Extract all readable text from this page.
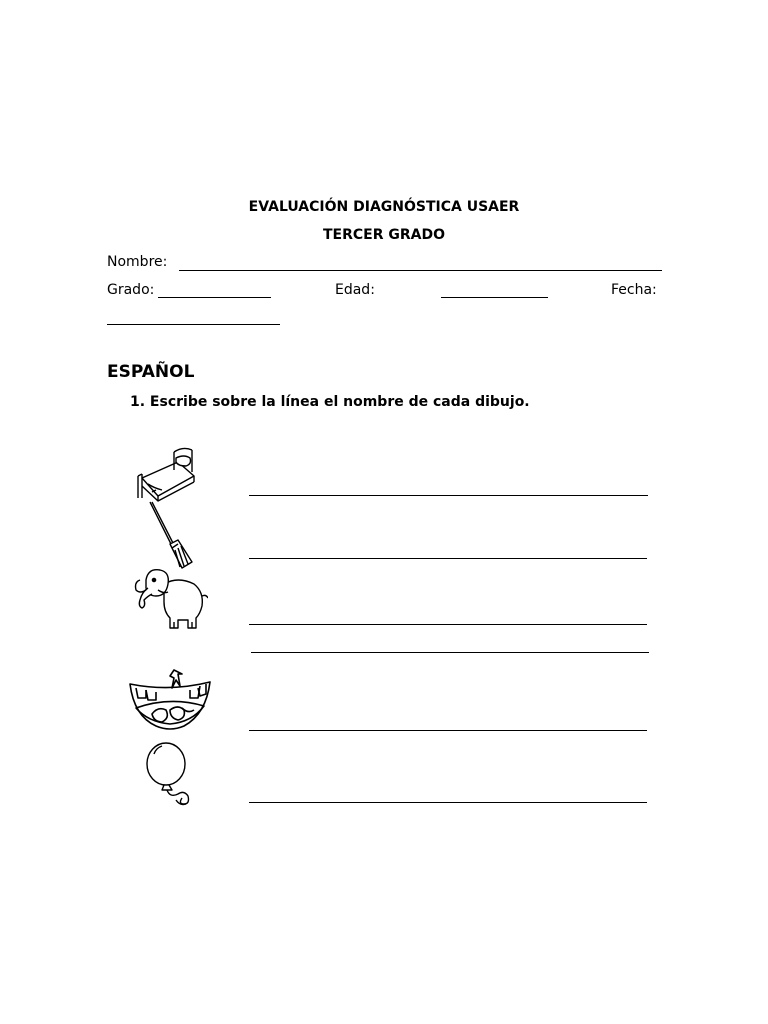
EVALUACIÓN DIAGNÓSTICA USAER
TERCER GRADO
Nombre:
Grado:	Edad:	Fecha:
ESPAÑOL
1. Escribe sobre la línea el nombre de cada dibujo.
